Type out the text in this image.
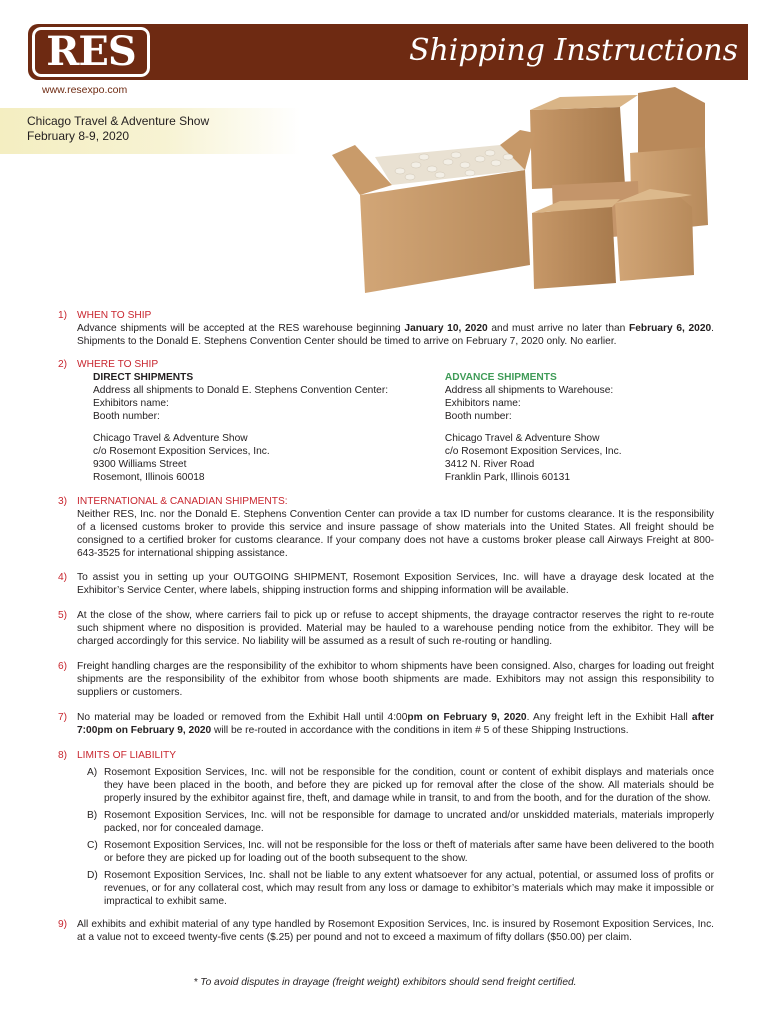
Shipping Instructions
RES
www.resexpo.com
Chicago Travel & Adventure Show
February 8-9, 2020
1) WHEN TO SHIP
Advance shipments will be accepted at the RES warehouse beginning January 10, 2020 and must arrive no later than February 6, 2020. Shipments to the Donald E. Stephens Convention Center should be timed to arrive on February 7, 2020 only. No earlier.
2) WHERE TO SHIP
DIRECT SHIPMENTS
Address all shipments to Donald E. Stephens Convention Center:
Exhibitors name:
Booth number:
Chicago Travel & Adventure Show
c/o Rosemont Exposition Services, Inc.
9300 Williams Street
Rosemont, Illinois 60018
ADVANCE SHIPMENTS
Address all shipments to Warehouse:
Exhibitors name:
Booth number:
Chicago Travel & Adventure Show
c/o Rosemont Exposition Services, Inc.
3412 N. River Road
Franklin Park, Illinois 60131
3) INTERNATIONAL & CANADIAN SHIPMENTS:
Neither RES, Inc. nor the Donald E. Stephens Convention Center can provide a tax ID number for customs clearance. It is the responsibility of a licensed customs broker to provide this service and insure passage of show materials into the United States. All freight should be consigned to a certified broker for customs clearance. If your company does not have a customs broker please call Airways Freight at 800-643-3525 for international shipping assistance.
4) To assist you in setting up your OUTGOING SHIPMENT, Rosemont Exposition Services, Inc. will have a drayage desk located at the Exhibitor’s Service Center, where labels, shipping instruction forms and shipping information will be available.
5) At the close of the show, where carriers fail to pick up or refuse to accept shipments, the drayage contractor reserves the right to re-route such shipment where no disposition is provided. Material may be hauled to a warehouse pending notice from the exhibitor. They will be charged accordingly for this service. No liability will be assumed as a result of such re-routing or handling.
6) Freight handling charges are the responsibility of the exhibitor to whom shipments have been consigned. Also, charges for loading out freight shipments are the responsibility of the exhibitor from whose booth shipments are made. Exhibitors may not assign this responsibility to suppliers or customers.
7) No material may be loaded or removed from the Exhibit Hall until 4:00pm on February 9, 2020. Any freight left in the Exhibit Hall after 7:00pm on February 9, 2020 will be re-routed in accordance with the conditions in item # 5 of these Shipping Instructions.
8) LIMITS OF LIABILITY
A) Rosemont Exposition Services, Inc. will not be responsible for the condition, count or content of exhibit displays and materials once they have been placed in the booth, and before they are picked up for removal after the close of the show. All materials should be properly insured by the exhibitor against fire, theft, and damage while in transit, to and from the booth, and for the duration of the show.
B) Rosemont Exposition Services, Inc. will not be responsible for damage to uncrated and/or unskidded materials, materials improperly packed, nor for concealed damage.
C) Rosemont Exposition Services, Inc. will not be responsible for the loss or theft of materials after same have been delivered to the booth or before they are picked up for loading out of the booth subsequent to the show.
D) Rosemont Exposition Services, Inc. shall not be liable to any extent whatsoever for any actual, potential, or assumed loss of profits or revenues, or for any collateral cost, which may result from any loss or damage to exhibitor’s materials which may make it impossible or impractical to exhibit same.
9) All exhibits and exhibit material of any type handled by Rosemont Exposition Services, Inc. is insured by Rosemont Exposition Services, Inc. at a value not to exceed twenty-five cents ($.25) per pound and not to exceed a maximum of fifty dollars ($50.00) per claim.
* To avoid disputes in drayage (freight weight) exhibitors should send freight certified.
